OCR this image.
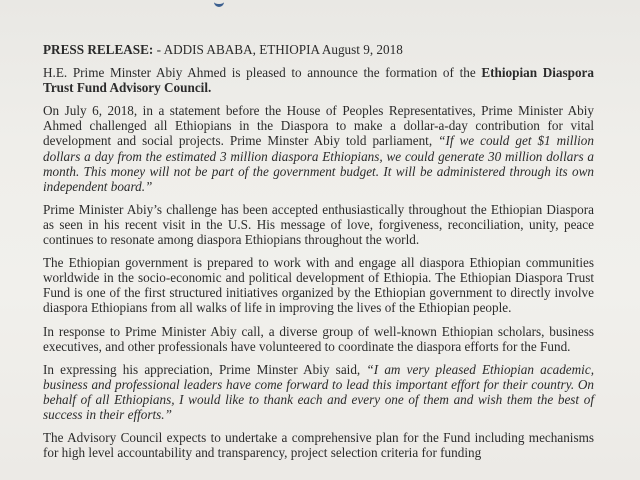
PRESS RELEASE: - ADDIS ABABA, ETHIOPIA August 9, 2018

H.E. Prime Minster Abiy Ahmed is pleased to announce the formation of the Ethiopian Diaspora Trust Fund Advisory Council.

On July 6, 2018, in a statement before the House of Peoples Representatives, Prime Minister Abiy Ahmed challenged all Ethiopians in the Diaspora to make a dollar-a-day contribution for vital development and social projects. Prime Minster Abiy told parliament, “If we could get $1 million dollars a day from the estimated 3 million diaspora Ethiopians, we could generate 30 million dollars a month. This money will not be part of the government budget. It will be administered through its own independent board.”

Prime Minister Abiy’s challenge has been accepted enthusiastically throughout the Ethiopian Diaspora as seen in his recent visit in the U.S. His message of love, forgiveness, reconciliation, unity, peace continues to resonate among diaspora Ethiopians throughout the world.

The Ethiopian government is prepared to work with and engage all diaspora Ethiopian communities worldwide in the socio-economic and political development of Ethiopia. The Ethiopian Diaspora Trust Fund is one of the first structured initiatives organized by the Ethiopian government to directly involve diaspora Ethiopians from all walks of life in improving the lives of the Ethiopian people.

In response to Prime Minister Abiy call, a diverse group of well-known Ethiopian scholars, business executives, and other professionals have volunteered to coordinate the diaspora efforts for the Fund.

In expressing his appreciation, Prime Minster Abiy said, “I am very pleased Ethiopian academic, business and professional leaders have come forward to lead this important effort for their country. On behalf of all Ethiopians, I would like to thank each and every one of them and wish them the best of success in their efforts.”

The Advisory Council expects to undertake a comprehensive plan for the Fund including mechanisms for high level accountability and transparency, project selection criteria for funding
